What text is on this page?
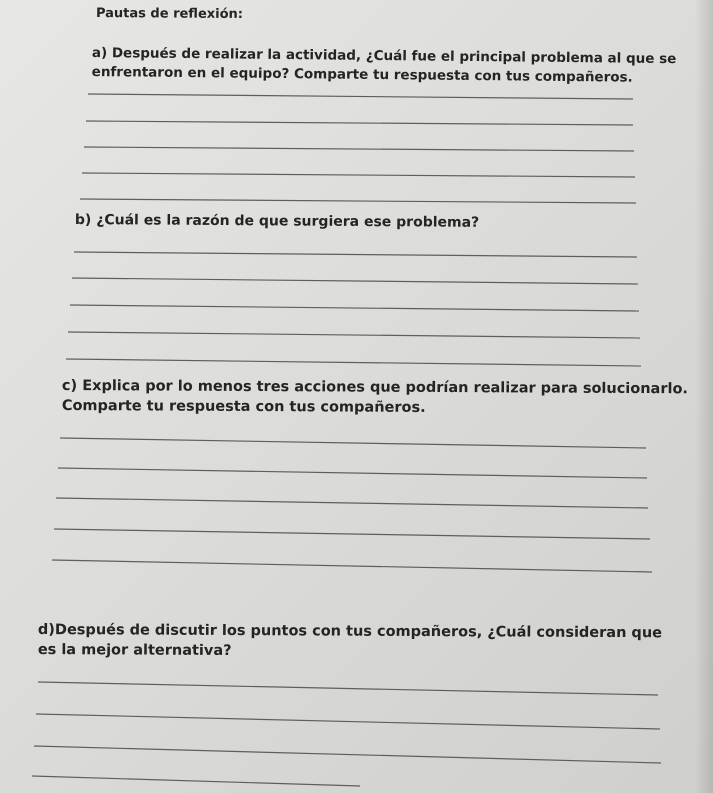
Pautas de reflexión:

a) Después de realizar la actividad, ¿Cuál fue el principal problema al que se
enfrentaron en el equipo? Comparte tu respuesta con tus compañeros.
b) ¿Cuál es la razón de que surgiera ese problema?
c) Explica por lo menos tres acciones que podrían realizar para solucionarlo.
Comparte tu respuesta con tus compañeros.
d)Después de discutir los puntos con tus compañeros, ¿Cuál consideran que
es la mejor alternativa?
